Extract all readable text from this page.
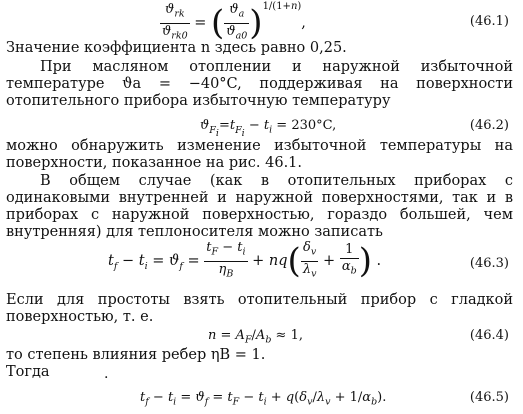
$\frac{ϑ_{rk}}{ϑ_{rk0}}$ = ( $\frac{ϑ_a}{ϑ_{a0}} )^{1/(1+n)}$,	(46.1)

Значение коэффициента n здесь равно 0,25.

При масляном отоплении и наружной избыточной температуре ϑa = −40°C, поддерживая на поверхности отопительного прибора избыточную температуру

$ϑ_{F_i}=t_{F_i} - t_i = 230^\circ C$,	(46.2)

можно обнаружить изменение избыточной температуры на поверхности, показанное на рис. 46.1.

В общем случае (как в отопительных приборах с одинаковыми внутренней и наружной поверхностями, так и в приборах с наружной поверхностью, гораздо большей, чем внутренняя) для теплоносителя можно записать

$t_f - t_i = ϑ_f = \frac{t_F - t_i}{\eta_B} + nq( \frac{\delta_v}{\lambda_v} + \frac{1}{\alpha_b}$ ) .	(46.3)

Если для простоты взять отопительный прибор с гладкой поверхностью, т. е.

$n = A_F/A_b \approx 1$,	(46.4)

то степень влияния ребер ηB = 1.

Тогда	.
$t_f - t_i = ϑ_f = t_F - t_i + q(\delta_v/\lambda_v + 1/\alpha_b)$.	(46.5)
